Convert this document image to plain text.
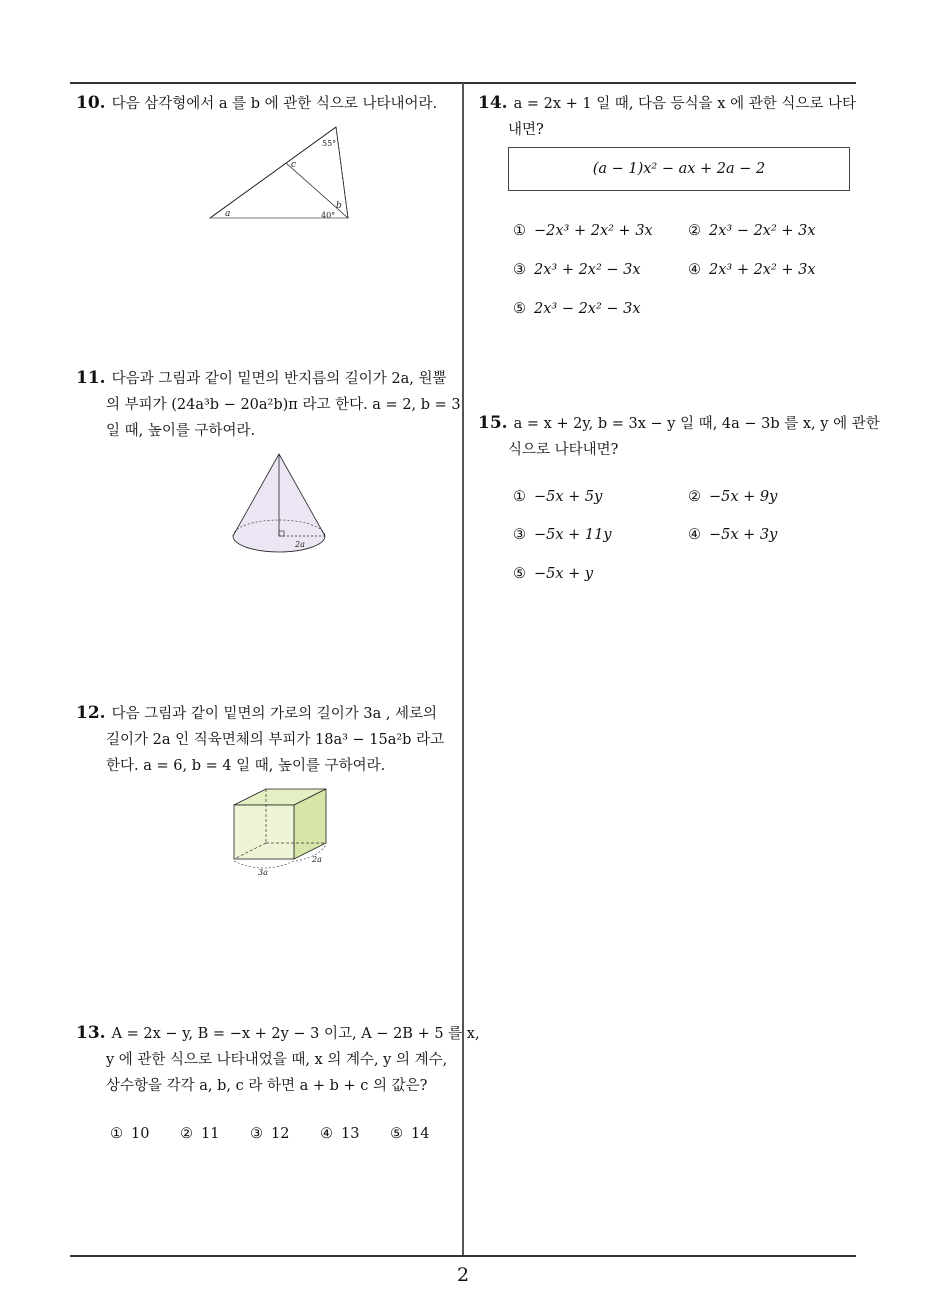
2
10. 다음 삼각형에서 a 를 b 에 관한 식으로 나타내어라.
a
c
b
55°
40°
11. 다음과 그림과 같이 밑면의 반지름의 길이가 2a, 원뿔
의 부피가 (24a³b − 20a²b)π 라고 한다. a = 2, b = 3
일 때, 높이를 구하여라.
2a
12. 다음 그림과 같이 밑면의 가로의 길이가 3a , 세로의
길이가 2a 인 직육면체의 부피가 18a³ − 15a²b 라고
한다. a = 6, b = 4 일 때, 높이를 구하여라.
3a
2a
13. A = 2x − y, B = −x + 2y − 3 이고, A − 2B + 5 를 x,
y 에 관한 식으로 나타내었을 때, x 의 계수, y 의 계수,
상수항을 각각 a, b, c 라 하면 a + b + c 의 값은?
① 10 ② 11 ③ 12 ④ 13 ⑤ 14
14. a = 2x + 1 일 때, 다음 등식을 x 에 관한 식으로 나타
내면?
(a − 1)x² − ax + 2a − 2
① −2x³ + 2x² + 3x ② 2x³ − 2x² + 3x
③ 2x³ + 2x² − 3x	④ 2x³ + 2x² + 3x
⑤ 2x³ − 2x² − 3x
15. a = x + 2y, b = 3x − y 일 때, 4a − 3b 를 x, y 에 관한
식으로 나타내면?
① −5x + 5y	② −5x + 9y
③ −5x + 11y	④ −5x + 3y
⑤ −5x + y
